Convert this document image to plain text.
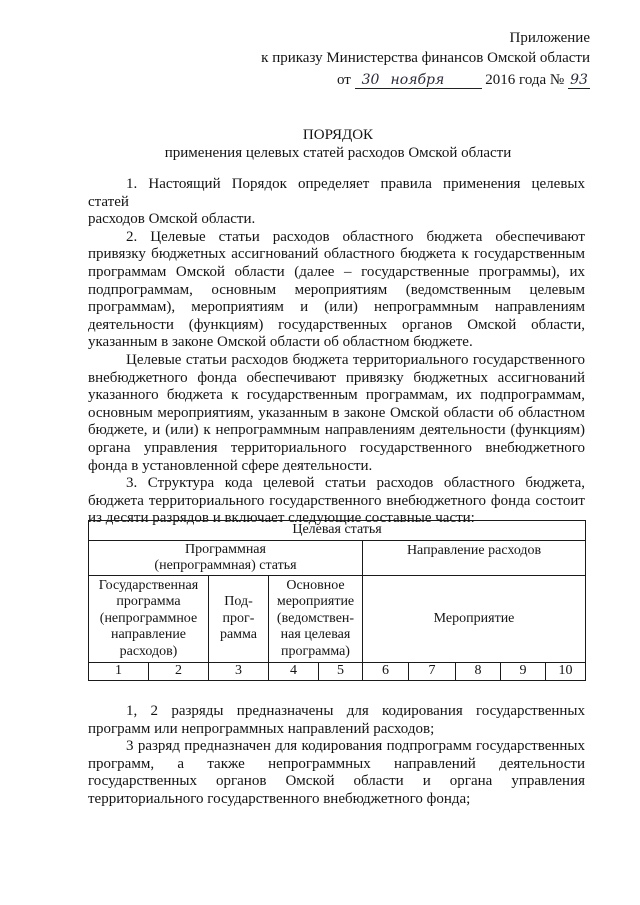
Приложение
к приказу Министерства финансов Омской области
от 30 ноября	2016 года № 93
ПОРЯДОК
применения целевых статей расходов Омской области
1. Настоящий Порядок определяет правила применения целевых статей
расходов Омской области.
2. Целевые статьи расходов областного бюджета обеспечивают
привязку бюджетных ассигнований областного бюджета к государственным
программам Омской области (далее – государственные программы), их
подпрограммам, основным мероприятиям (ведомственным целевым
программам), мероприятиям и (или) непрограммным направлениям
деятельности (функциям) государственных органов Омской области,
указанным в законе Омской области об областном бюджете.
Целевые статьи расходов бюджета территориального государственного
внебюджетного фонда обеспечивают привязку бюджетных ассигнований
указанного бюджета к государственным программам, их подпрограммам,
основным мероприятиям, указанным в законе Омской области об областном
бюджете, и (или) к непрограммным направлениям деятельности (функциям)
органа управления территориального государственного внебюджетного
фонда в установленной сфере деятельности.
3. Структура кода целевой статьи расходов областного бюджета,
бюджета территориального государственного внебюджетного фонда состоит
из десяти разрядов и включает следующие составные части:
Целевая статья									

Программная
(непрограммная) статья					Направление расходов				

Государственная
программа
(непрограммное
направление
расходов)		Под-
прог-
рамма	Основное
мероприятие
(ведомствен-
ная целевая
программа)		Мероприятие				
1	2	3	4	5	6	7	8	9	10
1, 2 разряды предназначены для кодирования государственных
программ или непрограммных направлений расходов;
3 разряд предназначен для кодирования подпрограмм государственных
программ, а также непрограммных направлений деятельности
государственных органов Омской области и органа управления
территориального государственного внебюджетного фонда;
